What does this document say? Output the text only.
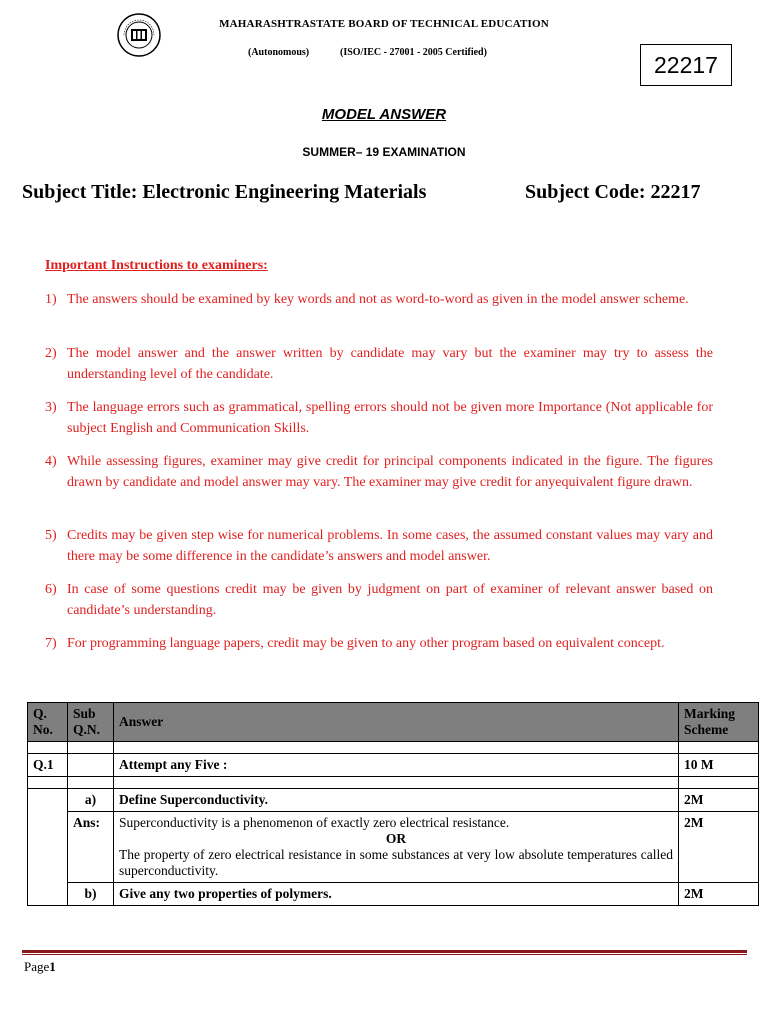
MAHARASHTRASTATE BOARD OF TECHNICAL EDUCATION
(Autonomous)	(ISO/IEC - 27001 - 2005 Certified)	22217
MODEL ANSWER
SUMMER– 19 EXAMINATION
Subject Title: Electronic Engineering Materials	Subject Code: 22217
Important Instructions to examiners:
1) The answers should be examined by key words and not as word-to-word as given in the model answer scheme.
2) The model answer and the answer written by candidate may vary but the examiner may try to assess the understanding level of the candidate.
3) The language errors such as grammatical, spelling errors should not be given more Importance (Not applicable for subject English and Communication Skills.
4) While assessing figures, examiner may give credit for principal components indicated in the figure. The figures drawn by candidate and model answer may vary. The examiner may give credit for anyequivalent figure drawn.
5) Credits may be given step wise for numerical problems. In some cases, the assumed constant values may vary and there may be some difference in the candidate’s answers and model answer.
6) In case of some questions credit may be given by judgment on part of examiner of relevant answer based on candidate’s understanding.
7) For programming language papers, credit may be given to any other program based on equivalent concept.
Q. No.	Sub Q.N.	Answer	Marking Scheme

Q.1		Attempt any Five :	10 M

	a)	Define Superconductivity.	2M
	Ans:	Superconductivity is a phenomenon of exactly zero electrical resistance.
OR
The property of zero electrical resistance in some substances at very low absolute temperatures called superconductivity.	2M
	b)	Give any two properties of polymers.	2M
Page1
